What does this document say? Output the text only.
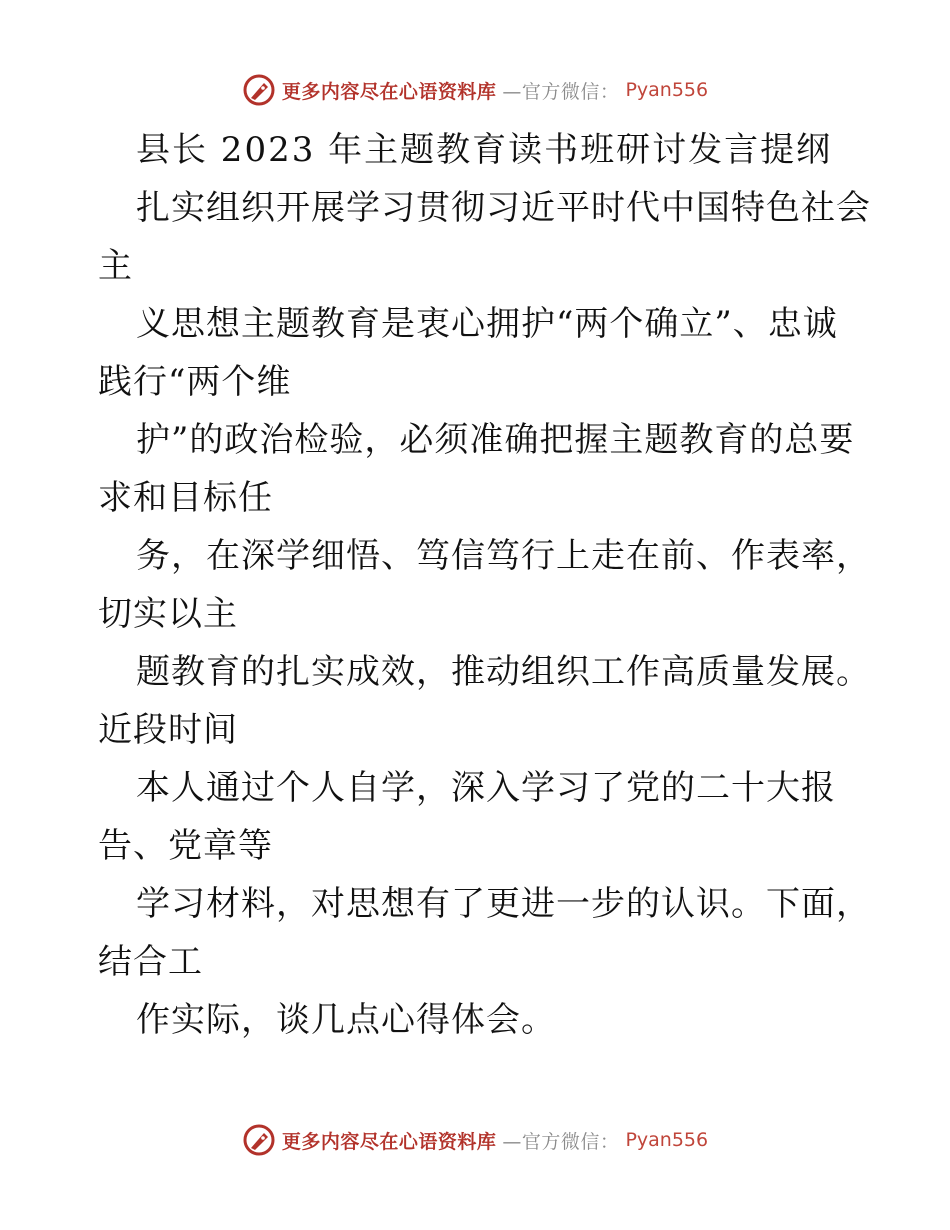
更多内容尽在心语资料库 —官方微信： Pyan556
县长 2023 年主题教育读书班研讨发言提纲
扎实组织开展学习贯彻习近平时代中国特色社会
主
义思想主题教育是衷心拥护“两个确立”、忠诚
践行“两个维
护”的政治检验，必须准确把握主题教育的总要
求和目标任
务，在深学细悟、笃信笃行上走在前、作表率，
切实以主
题教育的扎实成效，推动组织工作高质量发展。
近段时间
本人通过个人自学，深入学习了党的二十大报
告、党章等
学习材料，对思想有了更进一步的认识。下面，
结合工
作实际，谈几点心得体会。
更多内容尽在心语资料库 —官方微信： Pyan556
